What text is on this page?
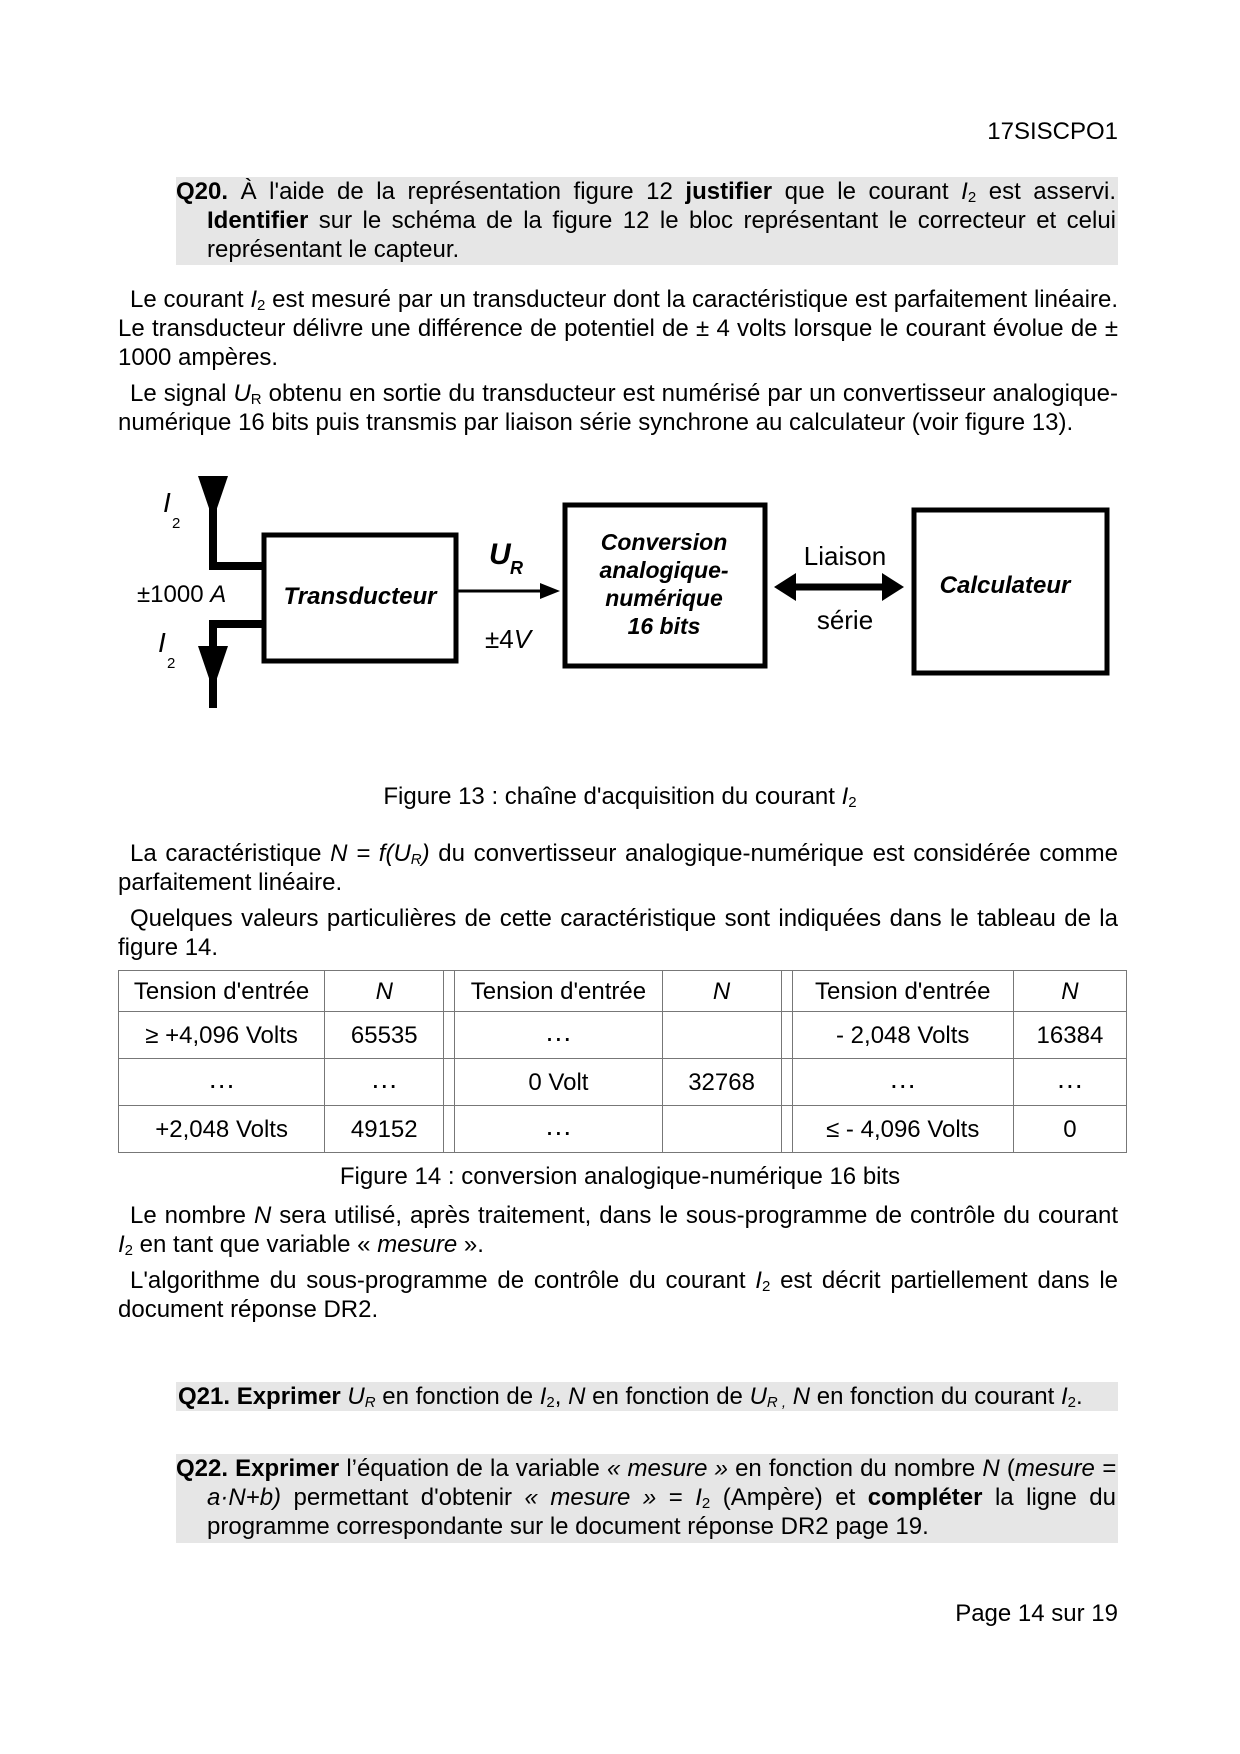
17SISCPO1
Q20. À l'aide de la représentation figure 12 justifier que le courant $I_2$ est asservi. Identifier sur le schéma de la figure 12 le bloc représentant le correcteur et celui représentant le capteur.

Le courant $I_2$ est mesuré par un transducteur dont la caractéristique est parfaitement linéaire. Le transducteur délivre une différence de potentiel de ± 4 volts lorsque le courant évolue de ± 1000 ampères.

Le signal $U_R$ obtenu en sortie du transducteur est numérisé par un convertisseur analogique-numérique 16 bits puis transmis par liaison série synchrone au calculateur (voir figure 13).

I
2
±1000 A
I
2
Transducteur
U R
±4V
Conversion
analogique-
numérique
16 bits
Liaison
série
Calculateur
Figure 13 : chaîne d'acquisition du courant $I_2$

La caractéristique $N = f(U_R)$ du convertisseur analogique-numérique est considérée comme parfaitement linéaire.

Quelques valeurs particulières de cette caractéristique sont indiquées dans le tableau de la figure 14.

Tension d'entrée	N		Tension d'entrée	N		Tension d'entrée	N
≥ +4,096 Volts	65535		…			- 2,048 Volts	16384
…	…		0 Volt	32768		…	…
+2,048 Volts	49152		…			≤ - 4,096 Volts	0
Figure 14 : conversion analogique-numérique 16 bits

Le nombre N sera utilisé, après traitement, dans le sous-programme de contrôle du courant $I_2$ en tant que variable « mesure ».

L'algorithme du sous-programme de contrôle du courant $I_2$ est décrit partiellement dans le document réponse DR2.

Q21. Exprimer $U_R$ en fonction de $I_2$, N en fonction de $U_{R ,}$ N en fonction du courant $I_2$.
Q22. Exprimer l’équation de la variable « mesure » en fonction du nombre N (mesure = a·N+b) permettant d'obtenir « mesure » = $I_2$ (Ampère) et compléter la ligne du programme correspondante sur le document réponse DR2 page 19.
Page 14 sur 19
